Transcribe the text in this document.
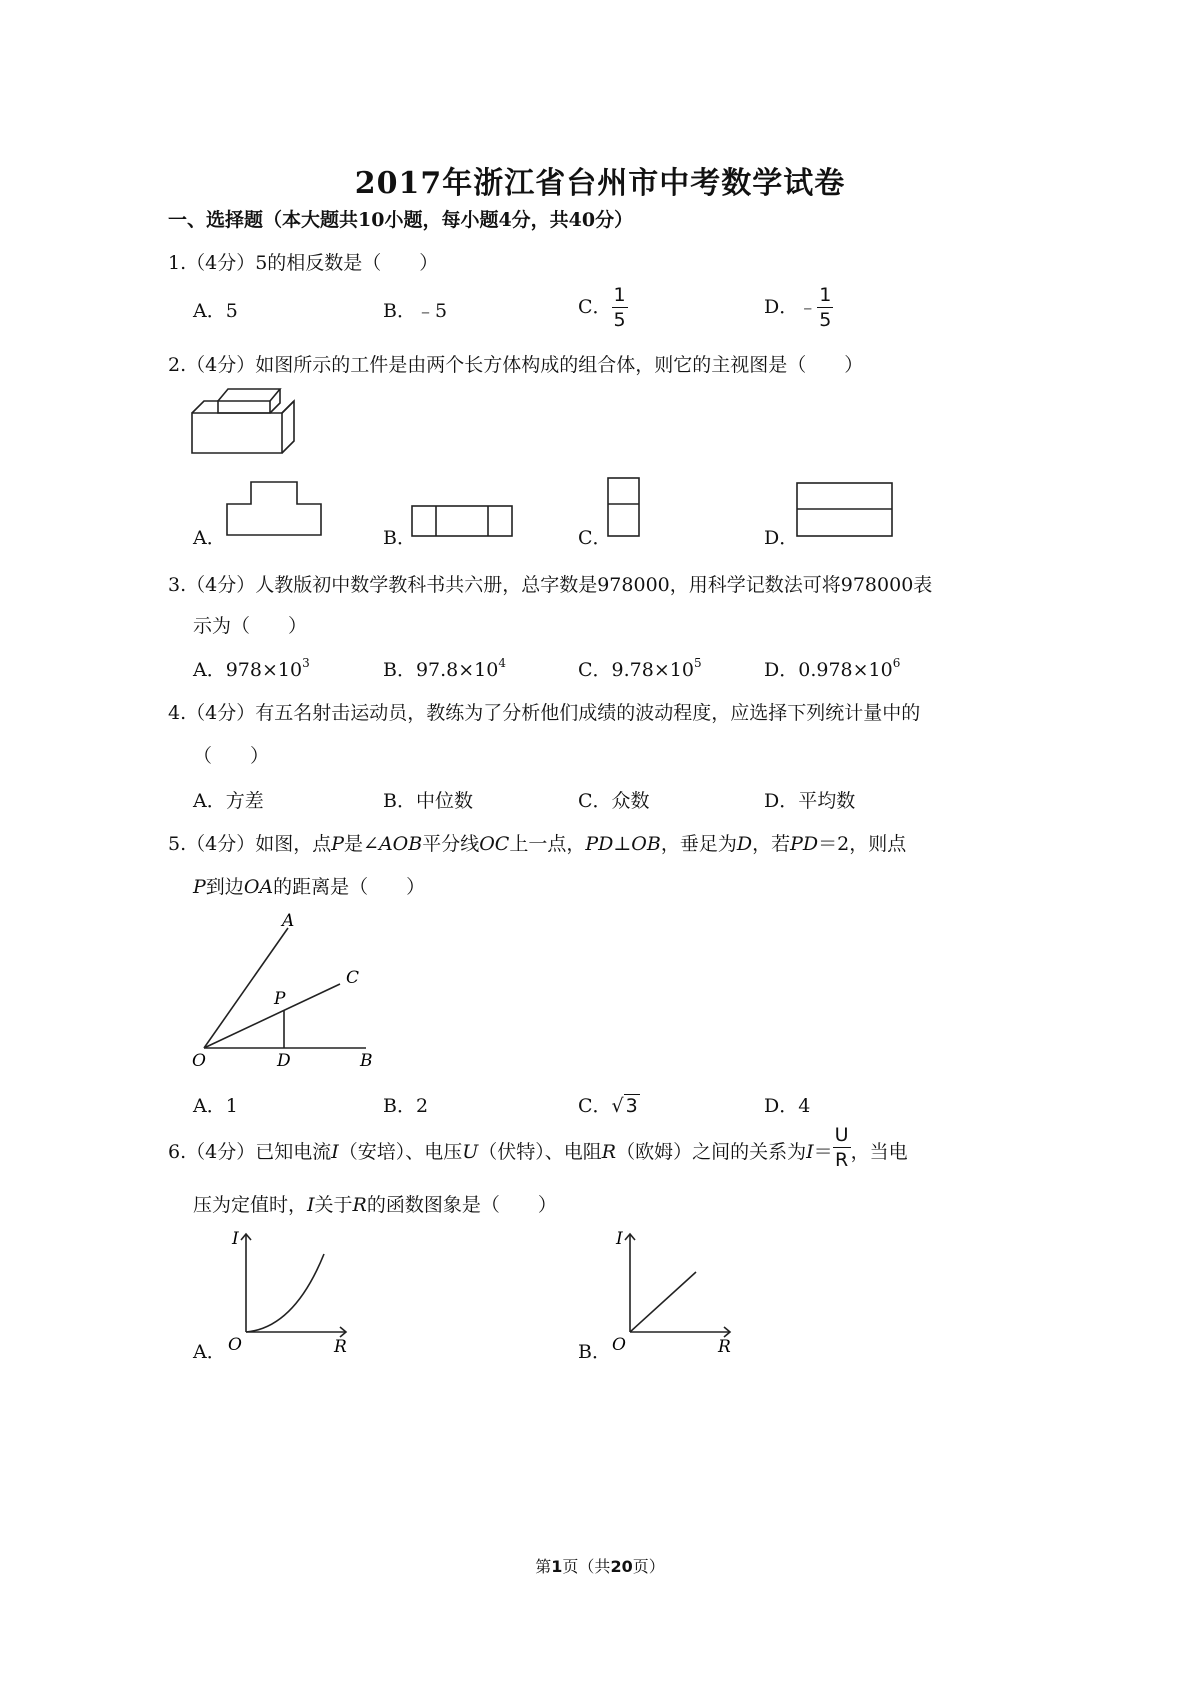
2017年浙江省台州市中考数学试卷
一、选择题（本大题共10小题，每小题4分，共40分）
1.（4分）5的相反数是（　　）
A．5	B．﹣5	C． $\frac{1}{5}$	D．﹣ $\frac{1}{5}$
2.（4分）如图所示的工件是由两个长方体构成的组合体，则它的主视图是（　　）
A．	B．	C．	D．
3.（4分）人教版初中数学教科书共六册，总字数是978000，用科学记数法可将978000表
示为（　　）
A．$978\times 10^3$	B．$97.8\times 10^4$	C．$9.78\times 10^5$	D．$0.978\times 10^6$
4.（4分）有五名射击运动员，教练为了分析他们成绩的波动程度，应选择下列统计量中的
（　　）
A．方差	B．中位数	C．众数	D．平均数
5.（4分）如图，点P是∠AOB平分线OC上一点，PD⊥OB，垂足为D，若PD＝2，则点
P到边OA的距离是（　　）
A
C
P
O	D	B
A．1	B．2	C．√ 3	D．4
6.（4分）已知电流I（安培）、电压U（伏特）、电阻R（欧姆）之间的关系为$I= \frac{U}{R}$ ，当电
压为定值时，I关于R的函数图象是（　　）
A．
I
O	R	B．
I
O	R
第1页（共20页）
